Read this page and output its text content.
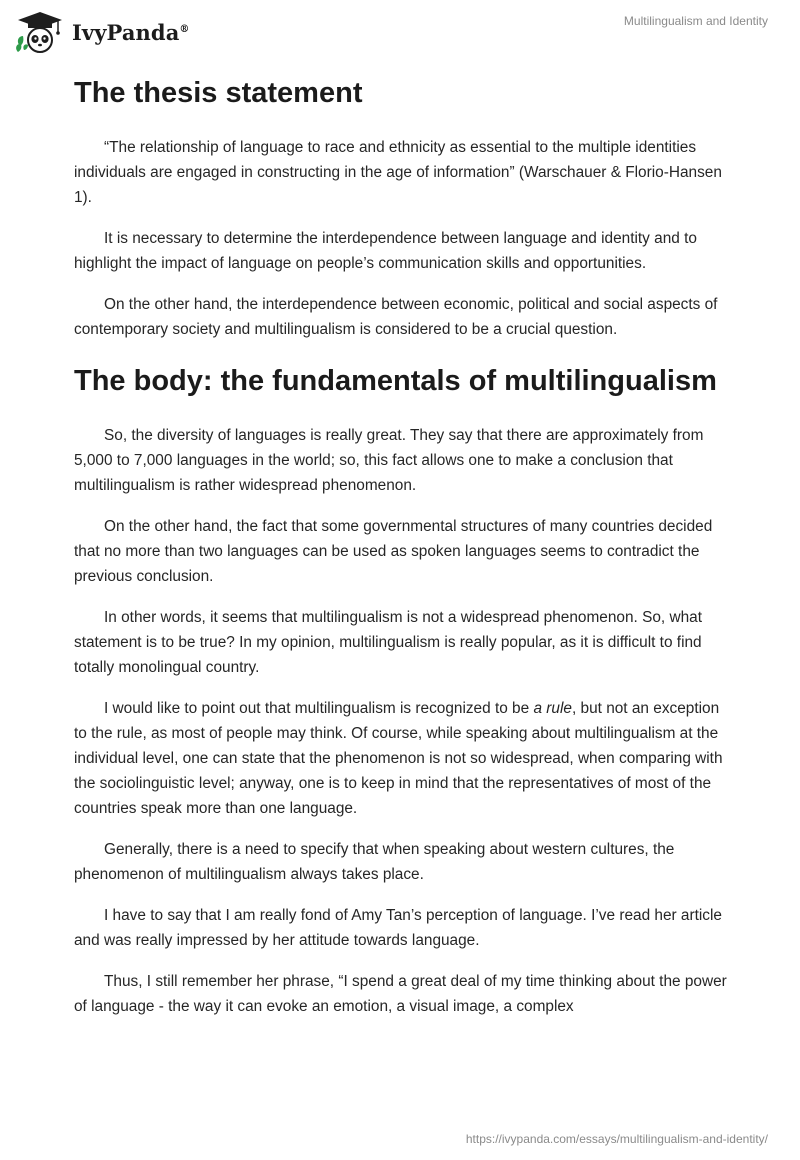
IvyPanda®
Multilingualism and Identity
The thesis statement

“The relationship of language to race and ethnicity as essential to the multiple identities individuals are engaged in constructing in the age of information” (Warschauer & Florio-Hansen 1).

It is necessary to determine the interdependence between language and identity and to highlight the impact of language on people’s communication skills and opportunities.

On the other hand, the interdependence between economic, political and social aspects of contemporary society and multilingualism is considered to be a crucial question.

The body: the fundamentals of multilingualism

So, the diversity of languages is really great. They say that there are approximately from 5,000 to 7,000 languages in the world; so, this fact allows one to make a conclusion that multilingualism is rather widespread phenomenon.

On the other hand, the fact that some governmental structures of many countries decided that no more than two languages can be used as spoken languages seems to contradict the previous conclusion.

In other words, it seems that multilingualism is not a widespread phenomenon. So, what statement is to be true? In my opinion, multilingualism is really popular, as it is difficult to find totally monolingual country.

I would like to point out that multilingualism is recognized to be a rule, but not an exception to the rule, as most of people may think. Of course, while speaking about multilingualism at the individual level, one can state that the phenomenon is not so widespread, when comparing with the sociolinguistic level; anyway, one is to keep in mind that the representatives of most of the countries speak more than one language.

Generally, there is a need to specify that when speaking about western cultures, the phenomenon of multilingualism always takes place.

I have to say that I am really fond of Amy Tan’s perception of language. I’ve read her article and was really impressed by her attitude towards language.

Thus, I still remember her phrase, “I spend a great deal of my time thinking about the power of language - the way it can evoke an emotion, a visual image, a complex

https://ivypanda.com/essays/multilingualism-and-identity/
